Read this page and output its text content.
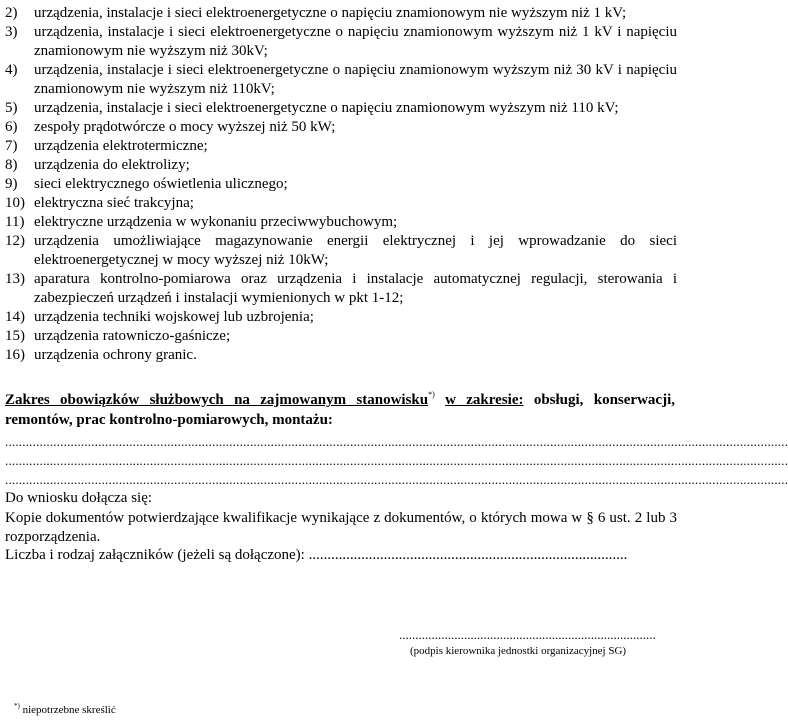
2)	urządzenia, instalacje i sieci elektroenergetyczne o napięciu znamionowym nie wyższym niż 1 kV;
3)	urządzenia, instalacje i sieci elektroenergetyczne o napięciu znamionowym wyższym niż 1 kV i napięciu znamionowym nie wyższym niż 30kV;
4)	urządzenia, instalacje i sieci elektroenergetyczne o napięciu znamionowym wyższym niż 30 kV i napięciu znamionowym nie wyższym niż 110kV;
5)	urządzenia, instalacje i sieci elektroenergetyczne o napięciu znamionowym wyższym niż 110 kV;
6)	zespoły prądotwórcze o mocy wyższej niż 50 kW;
7)	urządzenia elektrotermiczne;
8)	urządzenia do elektrolizy;
9)	sieci elektrycznego oświetlenia ulicznego;
10) elektryczna sieć trakcyjna;
11) elektryczne urządzenia w wykonaniu przeciwwybuchowym;
12) urządzenia umożliwiające magazynowanie energii elektrycznej i jej wprowadzanie do sieci elektroenergetycznej w mocy wyższej niż 10kW;
13) aparatura kontrolno-pomiarowa oraz urządzenia i instalacje automatycznej regulacji, sterowania i zabezpieczeń urządzeń i instalacji wymienionych w pkt 1-12;
14) urządzenia techniki wojskowej lub uzbrojenia;
15) urządzenia ratowniczo-gaśnicze;
16) urządzenia ochrony granic.
Zakres obowiązków służbowych na zajmowanym stanowisku*) w zakresie: obsługi, konserwacji, remontów, prac kontrolno-pomiarowych, montażu:
...................................................................................................................................................................................................................................
...................................................................................................................................................................................................................................
...................................................................................................................................................................................................................................
Do wniosku dołącza się:
Kopie dokumentów potwierdzające kwalifikacje wynikające z dokumentów, o których mowa w § 6 ust. 2 lub 3 rozporządzenia.
Liczba i rodzaj załączników (jeżeli są dołączone): .....................................................................................
...............................................................................
(podpis kierownika jednostki organizacyjnej SG)
*) niepotrzebne skreślić
